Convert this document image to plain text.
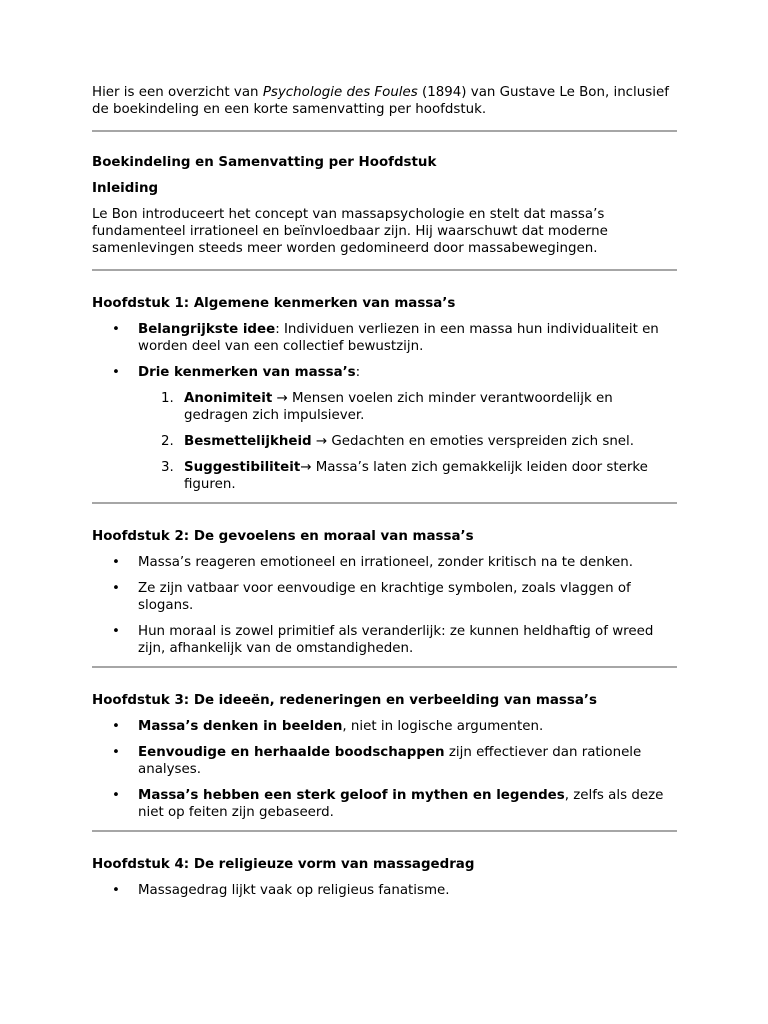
Hier is een overzicht van Psychologie des Foules (1894) van Gustave Le Bon, inclusief de boekindeling en een korte samenvatting per hoofdstuk.

Boekindeling en Samenvatting per Hoofdstuk

Inleiding

Le Bon introduceert het concept van massapsychologie en stelt dat massa’s fundamenteel irrationeel en beïnvloedbaar zijn. Hij waarschuwt dat moderne samenlevingen steeds meer worden gedomineerd door massabewegingen.

Hoofdstuk 1: Algemene kenmerken van massa’s

• Belangrijkste idee: Individuen verliezen in een massa hun individualiteit en worden deel van een collectief bewustzijn.
• Drie kenmerken van massa’s:
1. Anonimiteit → Mensen voelen zich minder verantwoordelijk en gedragen zich impulsiever.
2. Besmettelijkheid → Gedachten en emoties verspreiden zich snel.
3. Suggestibiliteit→ Massa’s laten zich gemakkelijk leiden door sterke figuren.

Hoofdstuk 2: De gevoelens en moraal van massa’s

• Massa’s reageren emotioneel en irrationeel, zonder kritisch na te denken.
• Ze zijn vatbaar voor eenvoudige en krachtige symbolen, zoals vlaggen of slogans.
• Hun moraal is zowel primitief als veranderlijk: ze kunnen heldhaftig of wreed zijn, afhankelijk van de omstandigheden.

Hoofdstuk 3: De ideeën, redeneringen en verbeelding van massa’s

• Massa’s denken in beelden, niet in logische argumenten.
• Eenvoudige en herhaalde boodschappen zijn effectiever dan rationele analyses.
• Massa’s hebben een sterk geloof in mythen en legendes, zelfs als deze niet op feiten zijn gebaseerd.

Hoofdstuk 4: De religieuze vorm van massagedrag

• Massagedrag lijkt vaak op religieus fanatisme.
